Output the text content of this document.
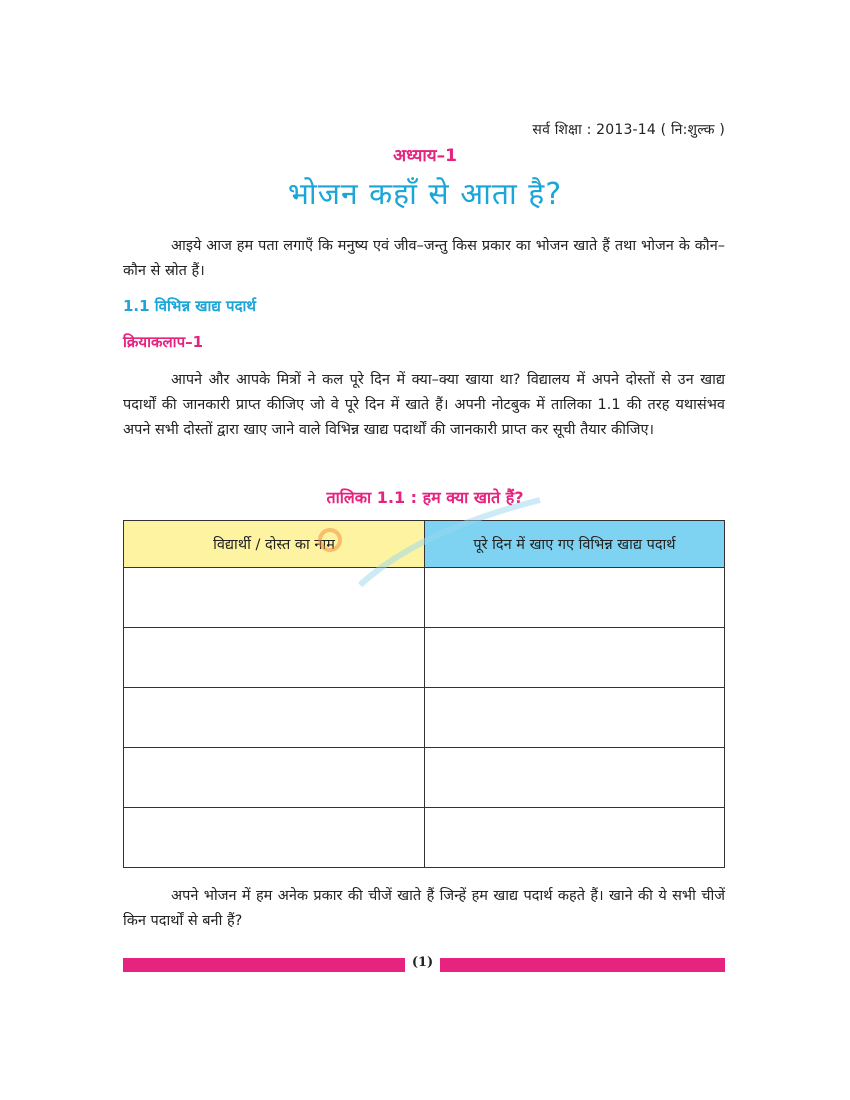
सर्व शिक्षा : 2013-14 ( नि:शुल्क )
अध्याय–1
भोजन कहाँ से आता है?

आइये आज हम पता लगाएँ कि मनुष्य एवं जीव–जन्तु किस प्रकार का भोजन खाते हैं तथा भोजन के कौन–कौन से स्रोत हैं।

1.1 विभिन्न खाद्य पदार्थ
क्रियाकलाप–1

आपने और आपके मित्रों ने कल पूरे दिन में क्या–क्या खाया था? विद्यालय में अपने दोस्तों से उन खाद्य पदार्थों की जानकारी प्राप्त कीजिए जो वे पूरे दिन में खाते हैं। अपनी नोटबुक में तालिका 1.1 की तरह यथासंभव अपने सभी दोस्तों द्वारा खाए जाने वाले विभिन्न खाद्य पदार्थों की जानकारी प्राप्त कर सूची तैयार कीजिए।

तालिका 1.1 : हम क्या खाते हैं?
विद्यार्थी / दोस्त का नाम	पूरे दिन में खाए गए विभिन्न खाद्य पदार्थ

अपने भोजन में हम अनेक प्रकार की चीजें खाते हैं जिन्हें हम खाद्य पदार्थ कहते हैं। खाने की ये सभी चीजें किन पदार्थों से बनी हैं?

(1)
